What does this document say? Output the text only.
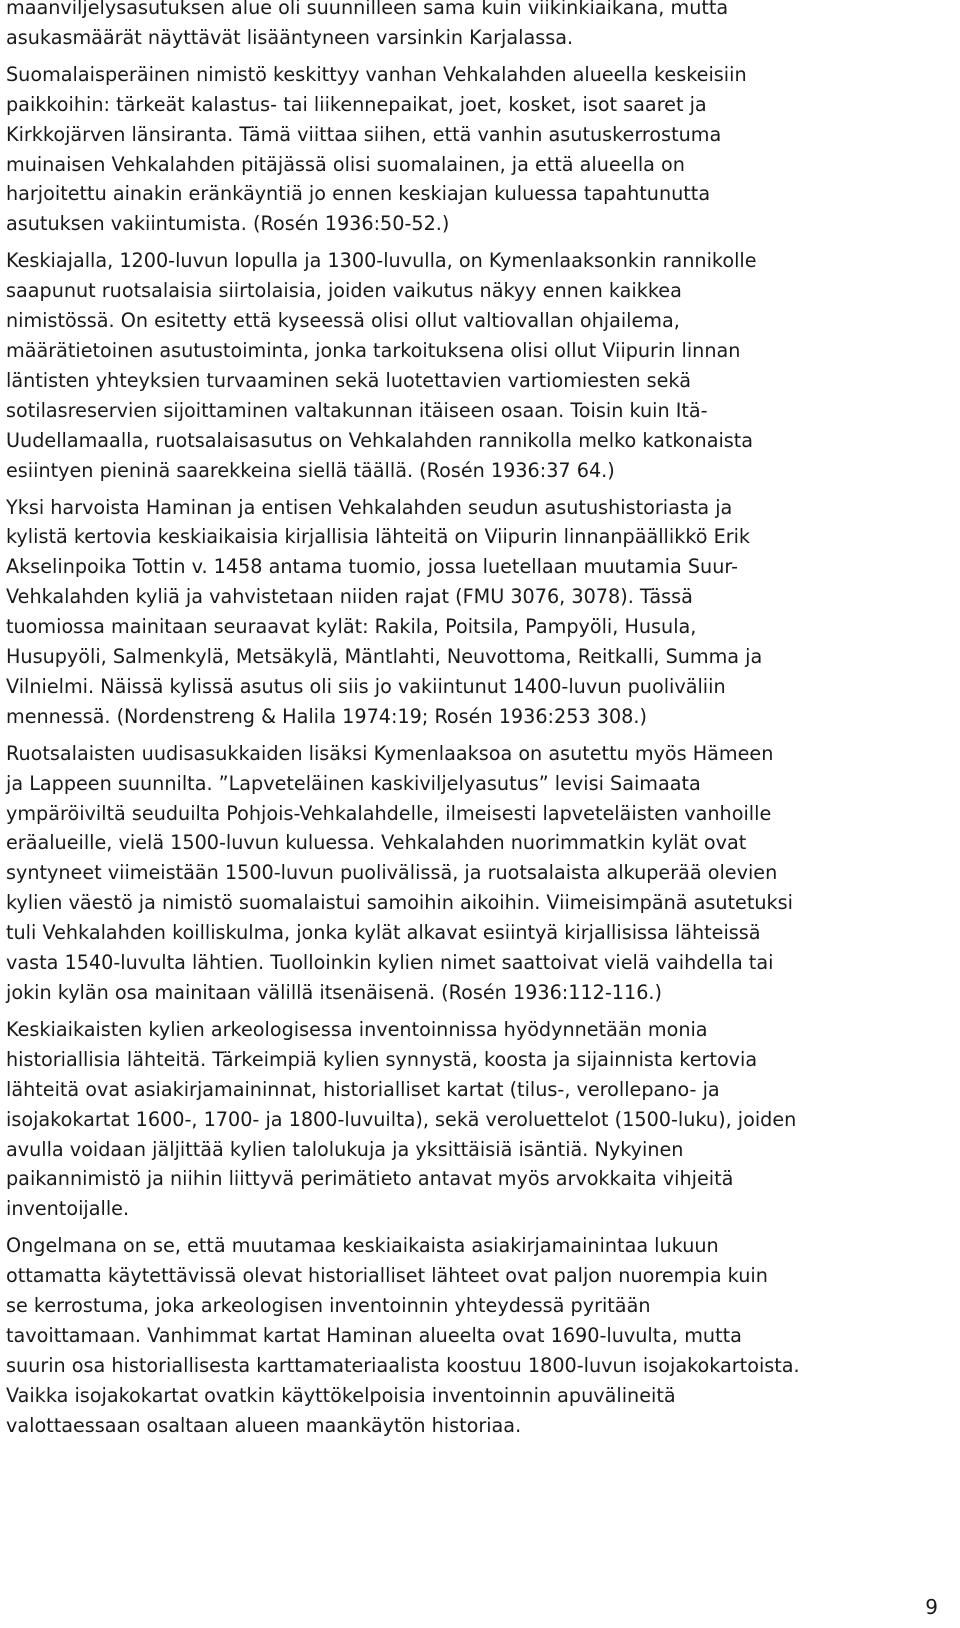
maanviljelysasutuksen alue oli suunnilleen sama kuin viikinkiaikana, mutta
asukasmäärät näyttävät lisääntyneen varsinkin Karjalassa.

Suomalaisperäinen nimistö keskittyy vanhan Vehkalahden alueella keskeisiin
paikkoihin: tärkeät kalastus- tai liikennepaikat, joet, kosket, isot saaret ja
Kirkkojärven länsiranta. Tämä viittaa siihen, että vanhin asutuskerrostuma
muinaisen Vehkalahden pitäjässä olisi suomalainen, ja että alueella on
harjoitettu ainakin eränkäyntiä jo ennen keskiajan kuluessa tapahtunutta
asutuksen vakiintumista. (Rosén 1936:50-52.)

Keskiajalla, 1200-luvun lopulla ja 1300-luvulla, on Kymenlaaksonkin rannikolle
saapunut ruotsalaisia siirtolaisia, joiden vaikutus näkyy ennen kaikkea
nimistössä. On esitetty että kyseessä olisi ollut valtiovallan ohjailema,
määrätietoinen asutustoiminta, jonka tarkoituksena olisi ollut Viipurin linnan
läntisten yhteyksien turvaaminen sekä luotettavien vartiomiesten sekä
sotilasreservien sijoittaminen valtakunnan itäiseen osaan. Toisin kuin Itä-
Uudellamaalla, ruotsalaisasutus on Vehkalahden rannikolla melko katkonaista
esiintyen pieninä saarekkeina siellä täällä. (Rosén 1936:37 64.)

Yksi harvoista Haminan ja entisen Vehkalahden seudun asutushistoriasta ja
kylistä kertovia keskiaikaisia kirjallisia lähteitä on Viipurin linnanpäällikkö Erik
Akselinpoika Tottin v. 1458 antama tuomio, jossa luetellaan muutamia Suur-
Vehkalahden kyliä ja vahvistetaan niiden rajat (FMU 3076, 3078). Tässä
tuomiossa mainitaan seuraavat kylät: Rakila, Poitsila, Pampyöli, Husula,
Husupyöli, Salmenkylä, Metsäkylä, Mäntlahti, Neuvottoma, Reitkalli, Summa ja
Vilnielmi. Näissä kylissä asutus oli siis jo vakiintunut 1400-luvun puoliväliin
mennessä. (Nordenstreng & Halila 1974:19; Rosén 1936:253 308.)

Ruotsalaisten uudisasukkaiden lisäksi Kymenlaaksoa on asutettu myös Hämeen
ja Lappeen suunnilta. ”Lapveteläinen kaskiviljelyasutus” levisi Saimaata
ympäröiviltä seuduilta Pohjois-Vehkalahdelle, ilmeisesti lapveteläisten vanhoille
eräalueille, vielä 1500-luvun kuluessa. Vehkalahden nuorimmatkin kylät ovat
syntyneet viimeistään 1500-luvun puolivälissä, ja ruotsalaista alkuperää olevien
kylien väestö ja nimistö suomalaistui samoihin aikoihin. Viimeisimpänä asutetuksi
tuli Vehkalahden koilliskulma, jonka kylät alkavat esiintyä kirjallisissa lähteissä
vasta 1540-luvulta lähtien. Tuolloinkin kylien nimet saattoivat vielä vaihdella tai
jokin kylän osa mainitaan välillä itsenäisenä. (Rosén 1936:112-116.)

Keskiaikaisten kylien arkeologisessa inventoinnissa hyödynnetään monia
historiallisia lähteitä. Tärkeimpiä kylien synnystä, koosta ja sijainnista kertovia
lähteitä ovat asiakirjamaininnat, historialliset kartat (tilus-, verollepano- ja
isojakokartat 1600-, 1700- ja 1800-luvuilta), sekä veroluettelot (1500-luku), joiden
avulla voidaan jäljittää kylien talolukuja ja yksittäisiä isäntiä. Nykyinen
paikannimistö ja niihin liittyvä perimätieto antavat myös arvokkaita vihjeitä
inventoijalle.

Ongelmana on se, että muutamaa keskiaikaista asiakirjamainintaa lukuun
ottamatta käytettävissä olevat historialliset lähteet ovat paljon nuorempia kuin
se kerrostuma, joka arkeologisen inventoinnin yhteydessä pyritään
tavoittamaan. Vanhimmat kartat Haminan alueelta ovat 1690-luvulta, mutta
suurin osa historiallisesta karttamateriaalista koostuu 1800-luvun isojakokartoista.
Vaikka isojakokartat ovatkin käyttökelpoisia inventoinnin apuvälineitä
valottaessaan osaltaan alueen maankäytön historiaa.

9
